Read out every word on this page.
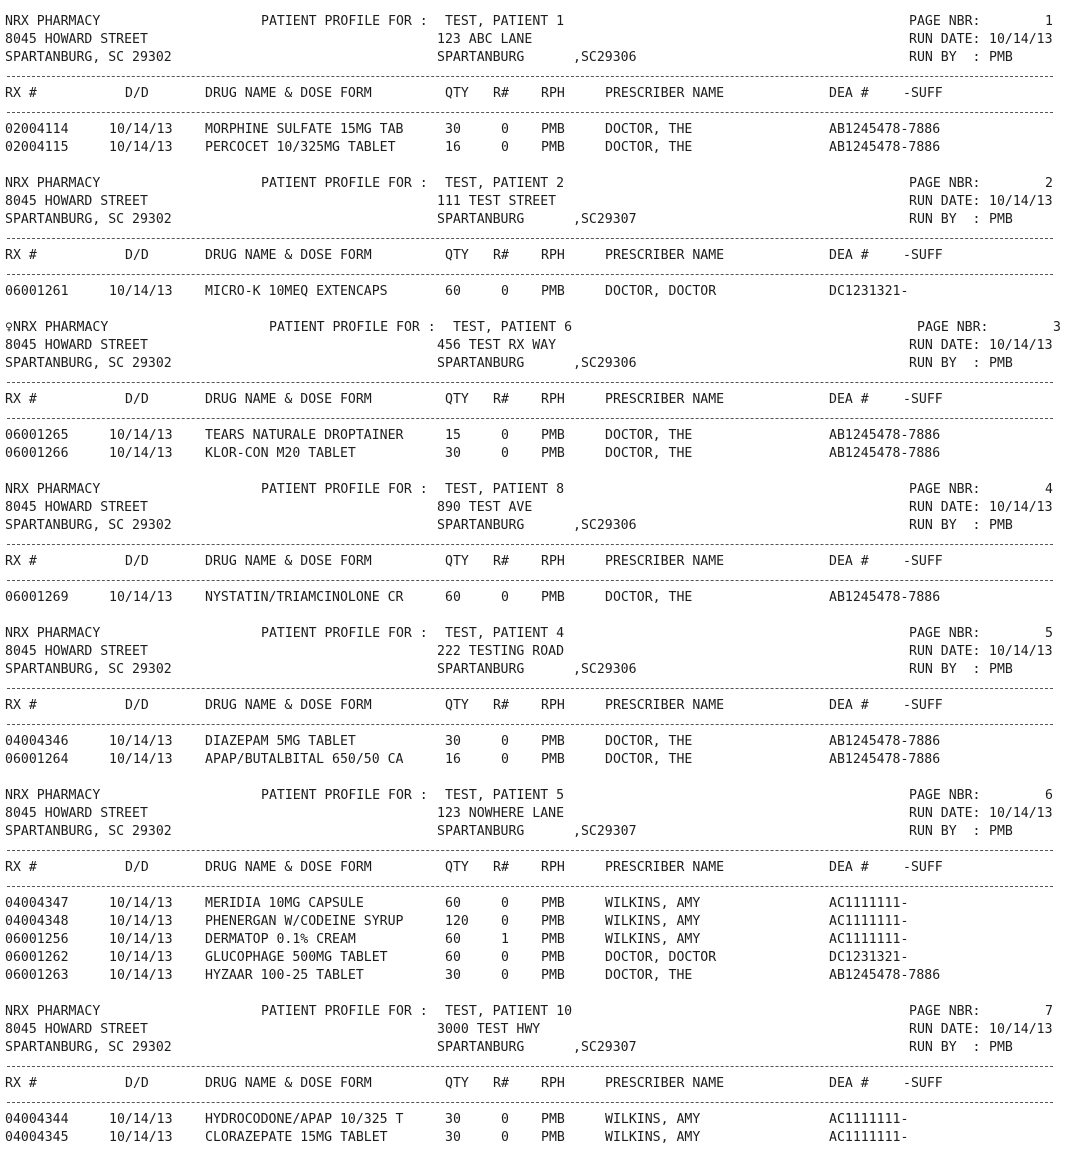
NRX PHARMACY	PATIENT PROFILE FOR : TEST, PATIENT 1	PAGE NBR:	1
8045 HOWARD STREET	123 ABC LANE	RUN DATE: 10/14/13
SPARTANBURG, SC 29302	SPARTANBURG	,SC29306	RUN BY  : PMB
RX #	D/D	DRUG NAME & DOSE FORM	QTY R# RPH	PRESCRIBER NAME	DEA #	-SUFF
02004114	10/14/13 MORPHINE SULFATE 15MG TAB	30	0 PMB	DOCTOR, THE	AB1245478-7886
02004115	10/14/13 PERCOCET 10/325MG TABLET	16	0 PMB	DOCTOR, THE	AB1245478-7886
NRX PHARMACY	PATIENT PROFILE FOR : TEST, PATIENT 2	PAGE NBR:	2
8045 HOWARD STREET	111 TEST STREET	RUN DATE: 10/14/13
SPARTANBURG, SC 29302	SPARTANBURG	,SC29307	RUN BY  : PMB
RX #	D/D	DRUG NAME & DOSE FORM	QTY R# RPH	PRESCRIBER NAME	DEA #	-SUFF
06001261	10/14/13 MICRO-K 10MEQ EXTENCAPS	60	0 PMB	DOCTOR, DOCTOR	DC1231321-
♀ NRX PHARMACY	PATIENT PROFILE FOR : TEST, PATIENT 6	PAGE NBR:	3
8045 HOWARD STREET	456 TEST RX WAY	RUN DATE: 10/14/13
SPARTANBURG, SC 29302	SPARTANBURG	,SC29306	RUN BY  : PMB
RX #	D/D	DRUG NAME & DOSE FORM	QTY R# RPH	PRESCRIBER NAME	DEA #	-SUFF
06001265	10/14/13 TEARS NATURALE DROPTAINER	15	0 PMB	DOCTOR, THE	AB1245478-7886
06001266	10/14/13 KLOR-CON M20 TABLET	30	0 PMB	DOCTOR, THE	AB1245478-7886
NRX PHARMACY	PATIENT PROFILE FOR : TEST, PATIENT 8	PAGE NBR:	4
8045 HOWARD STREET	890 TEST AVE	RUN DATE: 10/14/13
SPARTANBURG, SC 29302	SPARTANBURG	,SC29306	RUN BY  : PMB
RX #	D/D	DRUG NAME & DOSE FORM	QTY R# RPH	PRESCRIBER NAME	DEA #	-SUFF
06001269	10/14/13 NYSTATIN/TRIAMCINOLONE CR	60	0 PMB	DOCTOR, THE	AB1245478-7886
NRX PHARMACY	PATIENT PROFILE FOR : TEST, PATIENT 4	PAGE NBR:	5
8045 HOWARD STREET	222 TESTING ROAD	RUN DATE: 10/14/13
SPARTANBURG, SC 29302	SPARTANBURG	,SC29306	RUN BY  : PMB
RX #	D/D	DRUG NAME & DOSE FORM	QTY R# RPH	PRESCRIBER NAME	DEA #	-SUFF
04004346	10/14/13 DIAZEPAM 5MG TABLET	30	0 PMB	DOCTOR, THE	AB1245478-7886
06001264	10/14/13 APAP/BUTALBITAL 650/50 CA	16	0 PMB	DOCTOR, THE	AB1245478-7886
NRX PHARMACY	PATIENT PROFILE FOR : TEST, PATIENT 5	PAGE NBR:	6
8045 HOWARD STREET	123 NOWHERE LANE	RUN DATE: 10/14/13
SPARTANBURG, SC 29302	SPARTANBURG	,SC29307	RUN BY  : PMB
RX #	D/D	DRUG NAME & DOSE FORM	QTY R# RPH	PRESCRIBER NAME	DEA #	-SUFF
04004347	10/14/13 MERIDIA 10MG CAPSULE	60	0 PMB	WILKINS, AMY	AC1111111-
04004348	10/14/13 PHENERGAN W/CODEINE SYRUP	120 0 PMB	WILKINS, AMY	AC1111111-
06001256	10/14/13 DERMATOP 0.1% CREAM	60	1 PMB	WILKINS, AMY	AC1111111-
06001262	10/14/13 GLUCOPHAGE 500MG TABLET	60	0 PMB	DOCTOR, DOCTOR	DC1231321-
06001263	10/14/13 HYZAAR 100-25 TABLET	30	0 PMB	DOCTOR, THE	AB1245478-7886
NRX PHARMACY	PATIENT PROFILE FOR : TEST, PATIENT 10	PAGE NBR:	7
8045 HOWARD STREET	3000 TEST HWY	RUN DATE: 10/14/13
SPARTANBURG, SC 29302	SPARTANBURG	,SC29307	RUN BY  : PMB
RX #	D/D	DRUG NAME & DOSE FORM	QTY R# RPH	PRESCRIBER NAME	DEA #	-SUFF
04004344	10/14/13 HYDROCODONE/APAP 10/325 T	30	0 PMB	WILKINS, AMY	AC1111111-
04004345	10/14/13 CLORAZEPATE 15MG TABLET	30	0 PMB	WILKINS, AMY	AC1111111-
